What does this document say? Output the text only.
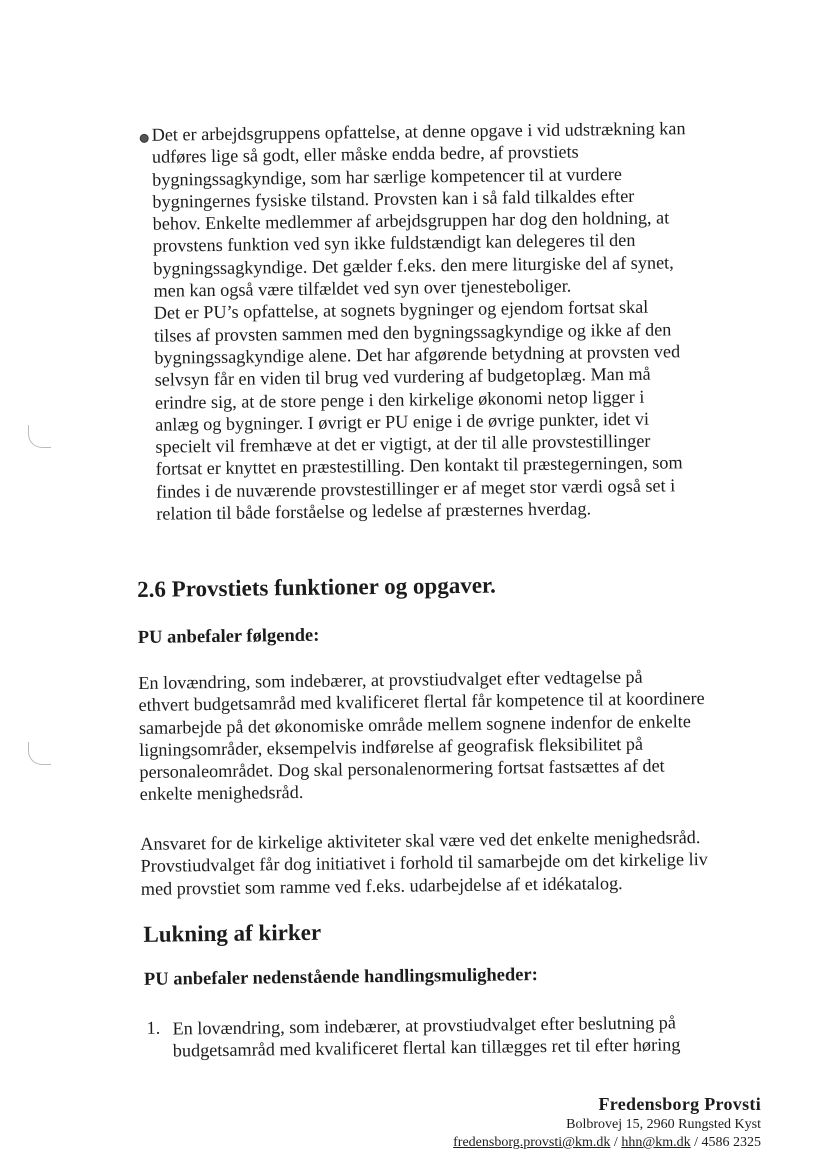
Det er arbejdsgruppens opfattelse, at denne opgave i vid udstrækning kan
udføres lige så godt, eller måske endda bedre, af provstiets
bygningssagkyndige, som har særlige kompetencer til at vurdere
bygningernes fysiske tilstand. Provsten kan i så fald tilkaldes efter
behov. Enkelte medlemmer af arbejdsgruppen har dog den holdning, at
provstens funktion ved syn ikke fuldstændigt kan delegeres til den
bygningssagkyndige. Det gælder f.eks. den mere liturgiske del af synet,
men kan også være tilfældet ved syn over tjenesteboliger.
Det er PU’s opfattelse, at sognets bygninger og ejendom fortsat skal
tilses af provsten sammen med den bygningssagkyndige og ikke af den
bygningssagkyndige alene. Det har afgørende betydning at provsten ved
selvsyn får en viden til brug ved vurdering af budgetoplæg. Man må
erindre sig, at de store penge i den kirkelige økonomi netop ligger i
anlæg og bygninger. I øvrigt er PU enige i de øvrige punkter, idet vi
specielt vil fremhæve at det er vigtigt, at der til alle provstestillinger
fortsat er knyttet en præstestilling. Den kontakt til præstegerningen, som
findes i de nuværende provstestillinger er af meget stor værdi også set i
relation til både forståelse og ledelse af præsternes hverdag.
2.6 Provstiets funktioner og opgaver.
PU anbefaler følgende:
En lovændring, som indebærer, at provstiudvalget efter vedtagelse på
ethvert budgetsamråd med kvalificeret flertal får kompetence til at koordinere
samarbejde på det økonomiske område mellem sognene indenfor de enkelte
ligningsområder, eksempelvis indførelse af geografisk fleksibilitet på
personaleområdet. Dog skal personalenormering fortsat fastsættes af det
enkelte menighedsråd.
Ansvaret for de kirkelige aktiviteter skal være ved det enkelte menighedsråd.
Provstiudvalget får dog initiativet i forhold til samarbejde om det kirkelige liv
med provstiet som ramme ved f.eks. udarbejdelse af et idékatalog.
Lukning af kirker
PU anbefaler nedenstående handlingsmuligheder:
1. En lovændring, som indebærer, at provstiudvalget efter beslutning på
budgetsamråd med kvalificeret flertal kan tillægges ret til efter høring
Fredensborg Provsti
Bolbrovej 15, 2960 Rungsted Kyst
fredensborg.provsti@km.dk / hhn@km.dk / 4586 2325
